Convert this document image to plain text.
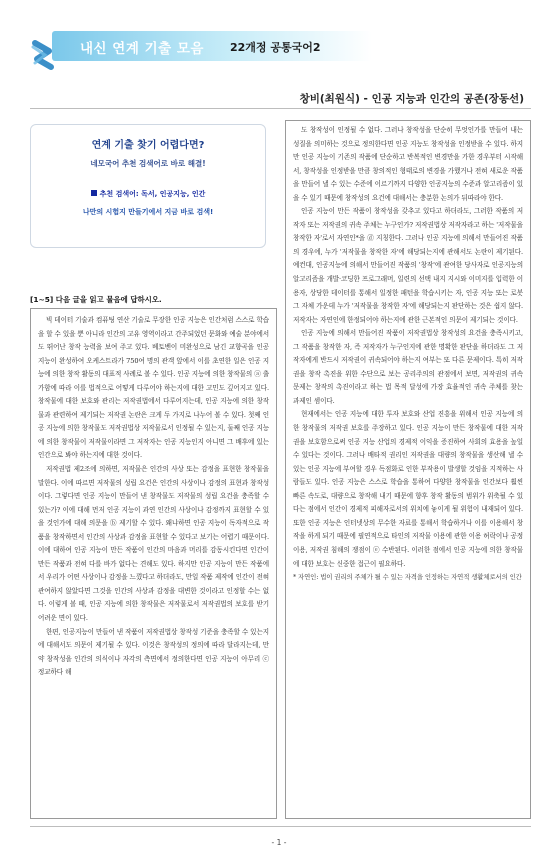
내신 연계 기출 모음 22개정 공통국어2
창비(최원식) - 인공 지능과 인간의 공존(장동선)
연계 기출 찾기 어렵다면?
네모국어 추천 검색어로 바로 해결!
추천 검색어: 독서, 인공지능, 인간
나만의 시험지 만들기에서 지금 바로 검색!
[1~5] 다음 글을 읽고 물음에 답하시오.

빅 데이터 기술과 컴퓨팅 연산 기술로 무장한 인공 지능은 인간처럼 스스로 학습을 할 수 있을 뿐 아니라 인간의 고유 영역이라고 간주되었던 문화와 예술 분야에서도 뛰어난 창작 능력을 보여 주고 있다. 베토벤이 미완성으로 남긴 교향곡을 인공 지능이 완성하여 오케스트라가 750여 명의 관객 앞에서 이를 초연한 일은 인공 지능에 의한 창작 활동의 대표적 사례로 볼 수 있다. 인공 지능에 의한 창작물의 ⓐ 출가함에 따라 이를 법적으로 어떻게 다루어야 하는지에 대한 고민도 깊어지고 있다. 창작물에 대한 보호와 관리는 저작권법에서 다루어지는데, 인공 지능에 의한 창작물과 관련하여 제기되는 저작권 논란은 크게 두 가지로 나누어 볼 수 있다. 첫째 인공 지능에 의한 창작물도 저작권법상 저작물로서 인정될 수 있는지, 둘째 인공 지능에 의한 창작물이 저작물이라면 그 저작자는 인공 지능인지 아니면 그 배후에 있는 인간으로 봐야 하는지에 대한 것이다.

저작권법 제2조에 의하면, 저작물은 인간의 사상 또는 감정을 표현한 창작물을 말한다. 이에 따르면 저작물의 성립 요건은 인간의 사상이나 감정의 표현과 창작성이다. 그렇다면 인공 지능이 만들어 낸 창작물도 저작물의 성립 요건을 충족할 수 있는가? 이에 대해 먼저 인공 지능이 과연 인간의 사상이나 감정까지 표현할 수 있을 것인가에 대해 의문을 ⓑ 제기할 수 있다. 왜냐하면 인공 지능이 독자적으로 작품을 창작하면서 인간의 사상과 감정을 표현할 수 있다고 보기는 어렵기 때문이다. 이에 대하여 인공 지능이 만든 작품이 인간의 마음과 머리를 감동시킨다면 인간이 만든 작품과 전혀 다를 바가 없다는 견해도 있다. 하지만 인공 지능이 만든 작품에서 우리가 어떤 사상이나 감정을 느꼈다고 하더라도, 만일 작품 제작에 인간이 전혀 관여하지 않았다면 그것을 인간의 사상과 감정을 대변한 것이라고 인정할 수는 없다. 이렇게 볼 때, 인공 지능에 의한 창작물은 저작물로서 저작권법의 보호를 받기 어려운 면이 있다.

한편, 인공지능이 만들어 낸 작품이 저작권법상 창작성 기준을 충족할 수 있는지에 대해서도 의문이 제기될 수 있다. 이것은 창작성의 정의에 따라 달라지는데, 만약 창작성을 인간의 의식이나 자각의 측면에서 정의한다면 인공 지능이 아무리 ⓒ 정교하다 해

도 창작성이 인정될 수 없다. 그러나 창작성을 단순히 무엇인가를 만들어 내는 성질을 의미하는 것으로 정의한다면 인공 지능도 창작성을 인정받을 수 있다. 하지만 인공 지능이 기존의 작품에 단순하고 반복적인 변경만을 가한 경우부터 시작해서, 창작성을 인정받을 만큼 창의적인 형태로의 변경을 가했거나 전혀 새로운 작품을 만들어 낼 수 있는 수준에 이르기까지 다양한 인공지능의 수준과 알고리즘이 있을 수 있기 때문에 창작성의 요건에 대해서는 충분한 논의가 뒤따라야 한다.

인공 지능이 만든 작품이 창작성을 갖추고 있다고 하더라도, 그러한 작품의 저작자 또는 저작권의 귀속 주체는 누구인가? 저작권법상 저작자라고 하는 '저작물을 창작한 자'로서 자연인*을 ⓓ 지칭한다. 그러나 인공 지능에 의해서 만들어진 작품의 경우에, 누가 '저작물을 창작한 자'에 해당되는지에 관해서도 논란이 제기된다. 예컨대, 인공지능에 의해서 만들어진 작품의 '창작'에 관여한 당사자로 인공지능의 알고리즘을 개발·코딩한 프로그래머, 일련의 선택 내지 지시와 이미지를 입력한 이용자, 상당한 데이터를 통해서 일정한 패턴을 학습시키는 자, 인공 지능 또는 로봇 그 자체 가운데 누가 '저작물을 창작한 자'에 해당되는지 판단하는 것은 쉽지 않다. 저작자는 자연인에 한정되어야 하는지에 관한 근본적인 의문이 제기되는 것이다.

인공 지능에 의해서 만들어진 작품이 저작권법상 창작성의 요건을 충족시키고, 그 작품을 창작한 자, 즉 저작자가 누구인지에 관한 명확한 판단을 하더라도 그 저작자에게 반드시 저작권이 귀속되어야 하는지 여부는 또 다른 문제이다. 특히 저작권을 창작 촉진을 위한 수단으로 보는 공리주의의 관점에서 보면, 저작권의 귀속 문제는 창작의 촉진이라고 하는 법 목적 달성에 가장 효율적인 귀속 주체를 찾는 과제인 셈이다.

현재에서는 인공 지능에 대한 투자 보호와 산업 진흥을 위해서 인공 지능에 의한 창작물의 저작권 보호를 주장하고 있다. 인공 지능이 만든 창작물에 대한 저작권을 보호함으로써 인공 지능 산업의 경제적 이익을 증진하여 사회의 효용을 높일 수 있다는 것이다. 그러나 배타적 권리인 저작권을 대량의 창작물을 생산해 낼 수 있는 인공 지능에 부여할 경우 독점화로 인한 부작용이 발생할 것임을 지적하는 사람들도 있다. 인공 지능은 스스로 학습을 통하여 다양한 창작물을 인간보다 훨씬 빠른 속도로, 대량으로 창작해 내기 때문에 향후 창작 활동의 범위가 위축될 수 있다는 점에서 인간이 경제적 피해자로서의 위치에 놓이게 될 위험이 내재되어 있다. 또한 인공 지능은 인터넷상의 무수한 자료를 통해서 학습하거나 이를 이용해서 창작을 하게 되기 때문에 필연적으로 타인의 저작물 이용에 관한 이용 허락이나 공정 이용, 저작권 침해의 쟁점이 ⓔ 수반된다. 이러한 점에서 인공 지능에 의한 창작물에 대한 보호는 신중한 접근이 필요하다.

* 자연인: 법이 권리의 주체가 될 수 있는 자격을 인정하는 자연적 생활체로서의 인간

- 1 -
